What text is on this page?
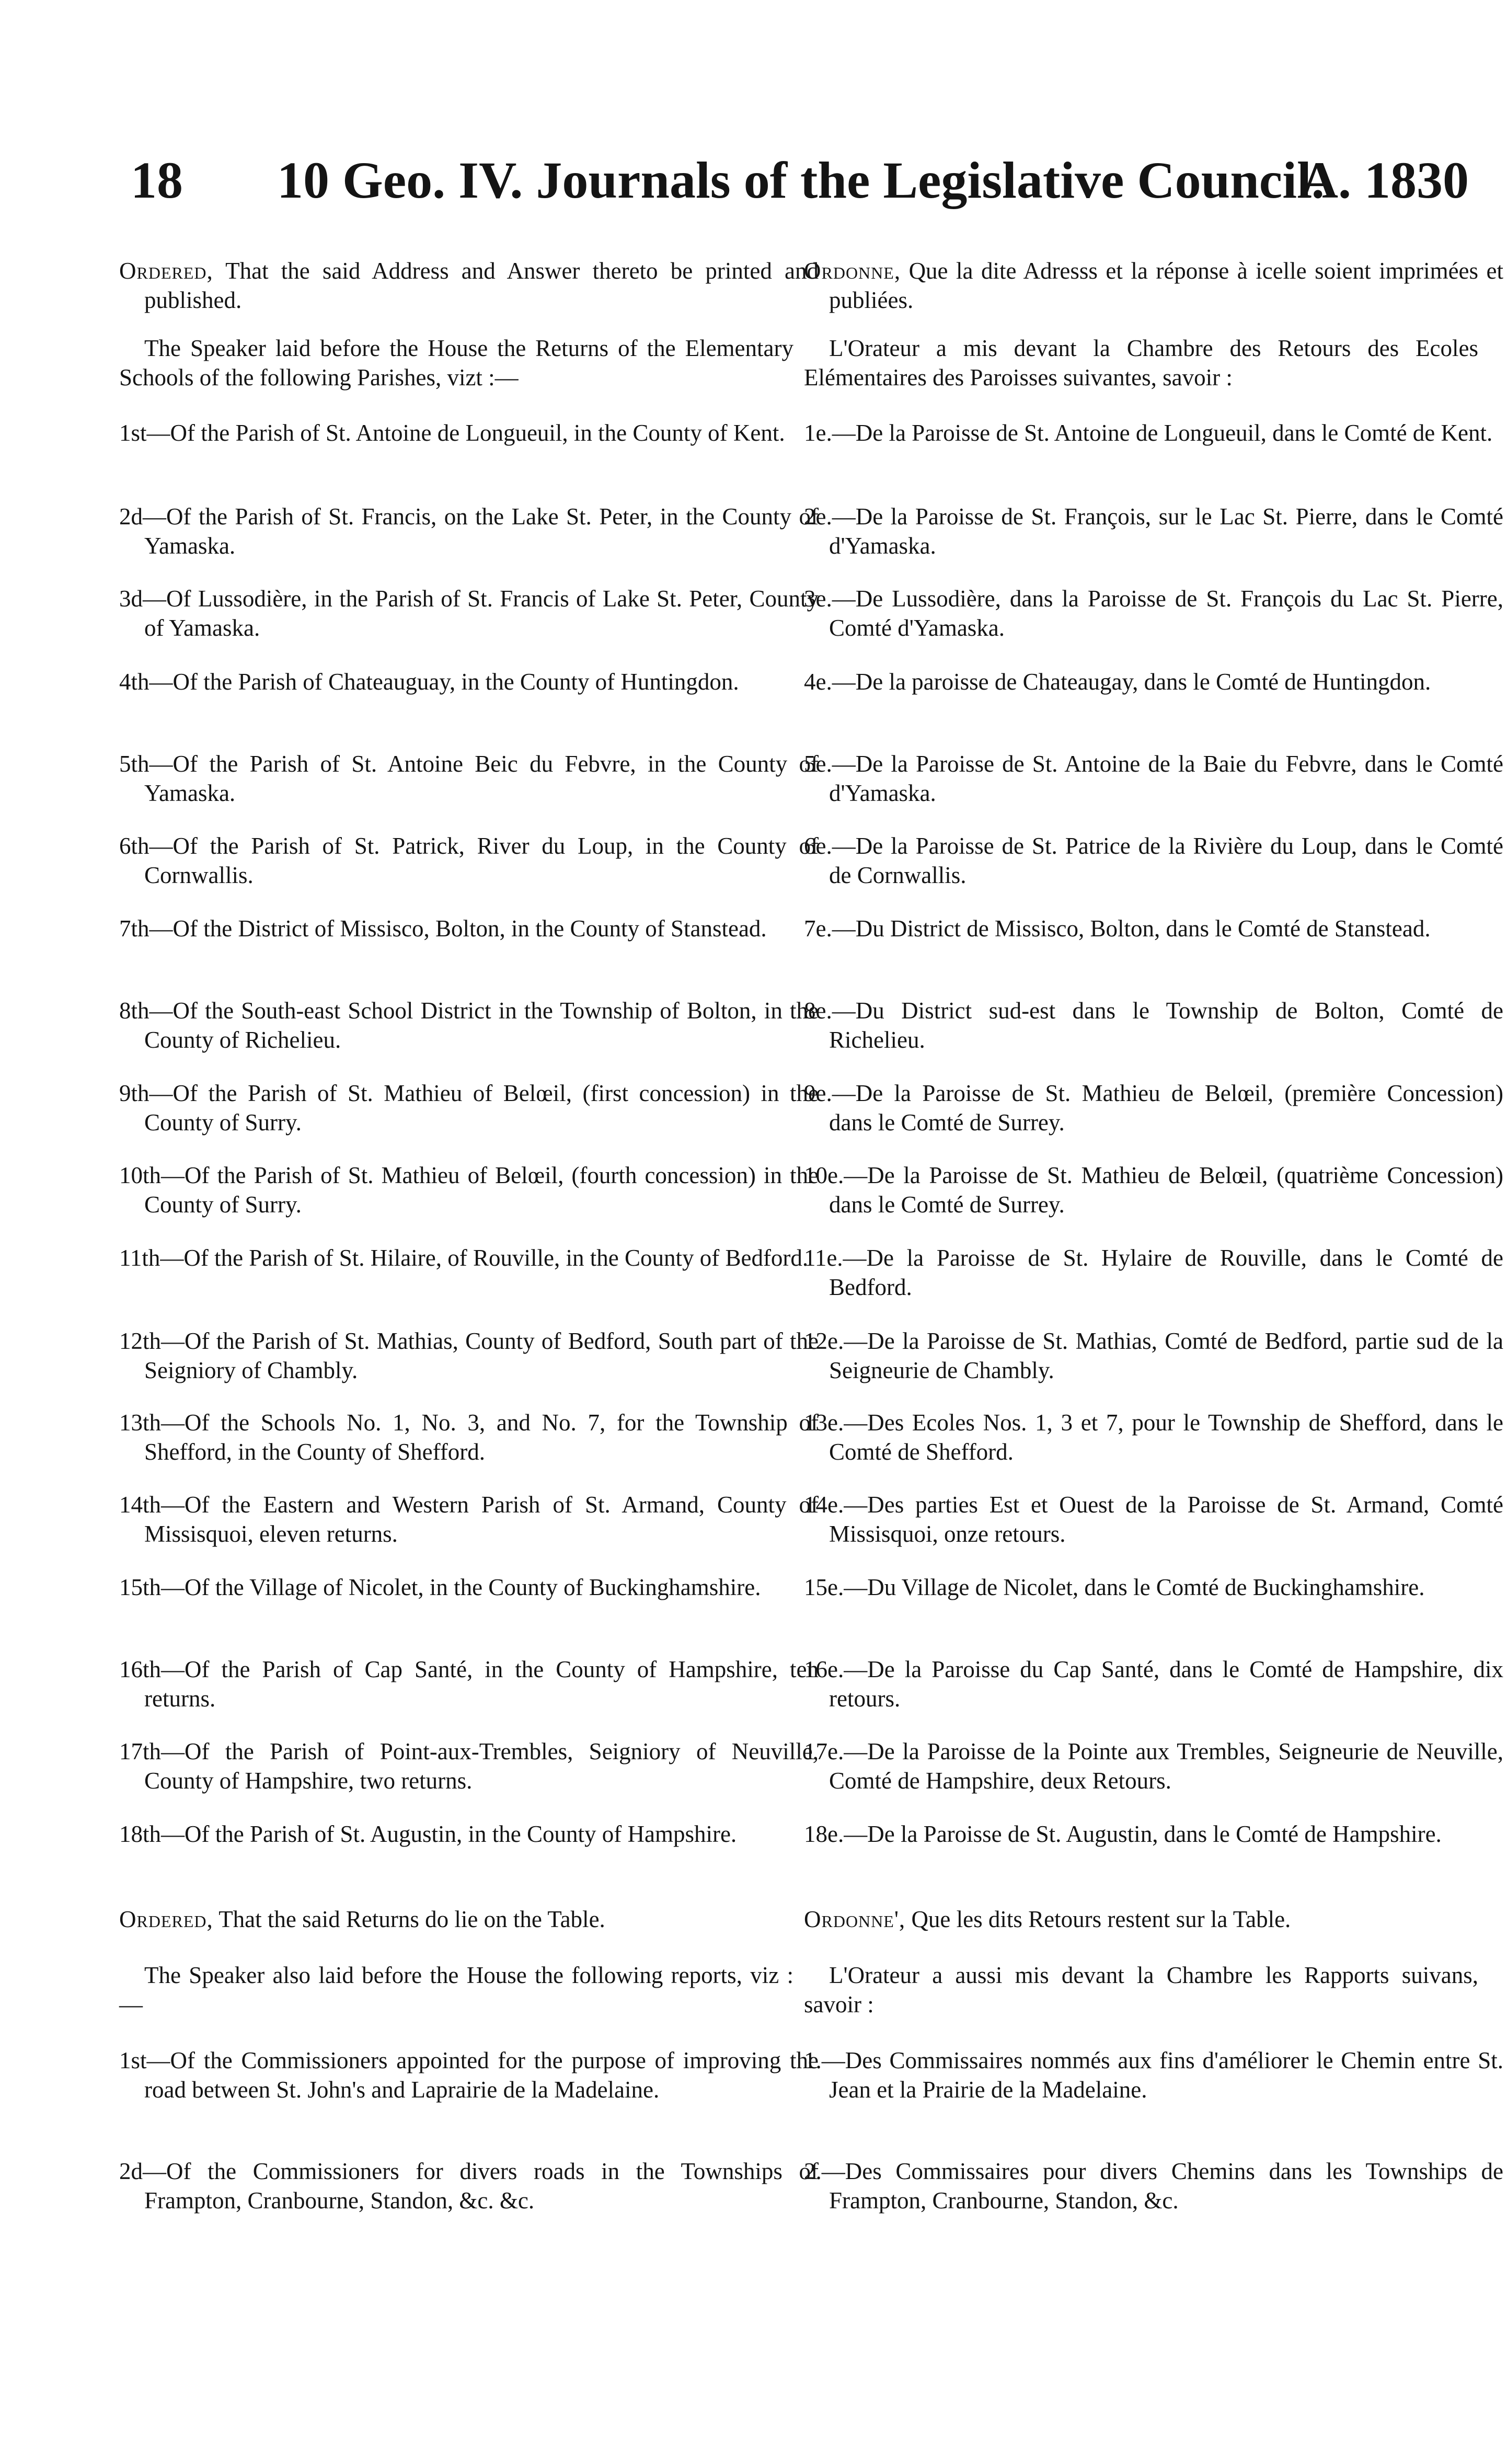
18 10 Geo. IV. Journals of the Legislative Council.
A. 1830

Ordered, That the said Address and Answer thereto be printed and published.

The Speaker laid before the House the Returns of the Elementary Schools of the following Parishes, vizt :—

1st—Of the Parish of St. Antoine de Longueuil, in the County of Kent.

2d—Of the Parish of St. Francis, on the Lake St. Peter, in the County of Yamaska.

3d—Of Lussodière, in the Parish of St. Francis of Lake St. Peter, County of Yamaska.

4th—Of the Parish of Chateauguay, in the County of Huntingdon.

5th—Of the Parish of St. Antoine Beic du Febvre, in the County of Yamaska.

6th—Of the Parish of St. Patrick, River du Loup, in the County of Cornwallis.

7th—Of the District of Missisco, Bolton, in the County of Stanstead.

8th—Of the South-east School District in the Township of Bolton, in the County of Richelieu.

9th—Of the Parish of St. Mathieu of Belœil, (first concession) in the County of Surry.

10th—Of the Parish of St. Mathieu of Belœil, (fourth concession) in the County of Surry.

11th—Of the Parish of St. Hilaire, of Rouville, in the County of Bedford.

12th—Of the Parish of St. Mathias, County of Bedford, South part of the Seigniory of Chambly.

13th—Of the Schools No. 1, No. 3, and No. 7, for the Township of Shefford, in the County of Shefford.

14th—Of the Eastern and Western Parish of St. Armand, County of Missisquoi, eleven returns.

15th—Of the Village of Nicolet, in the County of Buckinghamshire.

16th—Of the Parish of Cap Santé, in the County of Hampshire, ten returns.

17th—Of the Parish of Point-aux-Trembles, Seigniory of Neuville, County of Hampshire, two returns.

18th—Of the Parish of St. Augustin, in the County of Hampshire.

Ordered, That the said Returns do lie on the Table.

The Speaker also laid before the House the following reports, viz :—

1st—Of the Commissioners appointed for the purpose of improving the road between St. John's and Laprairie de la Madelaine.

2d—Of the Commissioners for divers roads in the Townships of Frampton, Cranbourne, Standon, &c. &c.

Ordonne, Que la dite Adresss et la réponse à icelle soient imprimées et publiées.

L'Orateur a mis devant la Chambre des Retours des Ecoles Elémentaires des Paroisses suivantes, savoir :

1e.—De la Paroisse de St. Antoine de Longueuil, dans le Comté de Kent.

2e.—De la Paroisse de St. François, sur le Lac St. Pierre, dans le Comté d'Yamaska.

3e.—De Lussodière, dans la Paroisse de St. François du Lac St. Pierre, Comté d'Yamaska.

4e.—De la paroisse de Chateaugay, dans le Comté de Huntingdon.

5e.—De la Paroisse de St. Antoine de la Baie du Febvre, dans le Comté d'Yamaska.

6e.—De la Paroisse de St. Patrice de la Rivière du Loup, dans le Comté de Cornwallis.

7e.—Du District de Missisco, Bolton, dans le Comté de Stanstead.

8e.—Du District sud-est dans le Township de Bolton, Comté de Richelieu.

9e.—De la Paroisse de St. Mathieu de Belœil, (première Concession) dans le Comté de Surrey.

10e.—De la Paroisse de St. Mathieu de Belœil, (quatrième Concession) dans le Comté de Surrey.

11e.—De la Paroisse de St. Hylaire de Rouville, dans le Comté de Bedford.

12e.—De la Paroisse de St. Mathias, Comté de Bedford, partie sud de la Seigneurie de Chambly.

13e.—Des Ecoles Nos. 1, 3 et 7, pour le Township de Shefford, dans le Comté de Shefford.

14e.—Des parties Est et Ouest de la Paroisse de St. Armand, Comté Missisquoi, onze retours.

15e.—Du Village de Nicolet, dans le Comté de Buckinghamshire.

16e.—De la Paroisse du Cap Santé, dans le Comté de Hampshire, dix retours.

17e.—De la Paroisse de la Pointe aux Trembles, Seigneurie de Neuville, Comté de Hampshire, deux Retours.

18e.—De la Paroisse de St. Augustin, dans le Comté de Hampshire.

Ordonne', Que les dits Retours restent sur la Table.

L'Orateur a aussi mis devant la Chambre les Rapports suivans, savoir :

1.—Des Commissaires nommés aux fins d'améliorer le Chemin entre St. Jean et la Prairie de la Madelaine.

2.—Des Commissaires pour divers Chemins dans les Townships de Frampton, Cranbourne, Standon, &c.
